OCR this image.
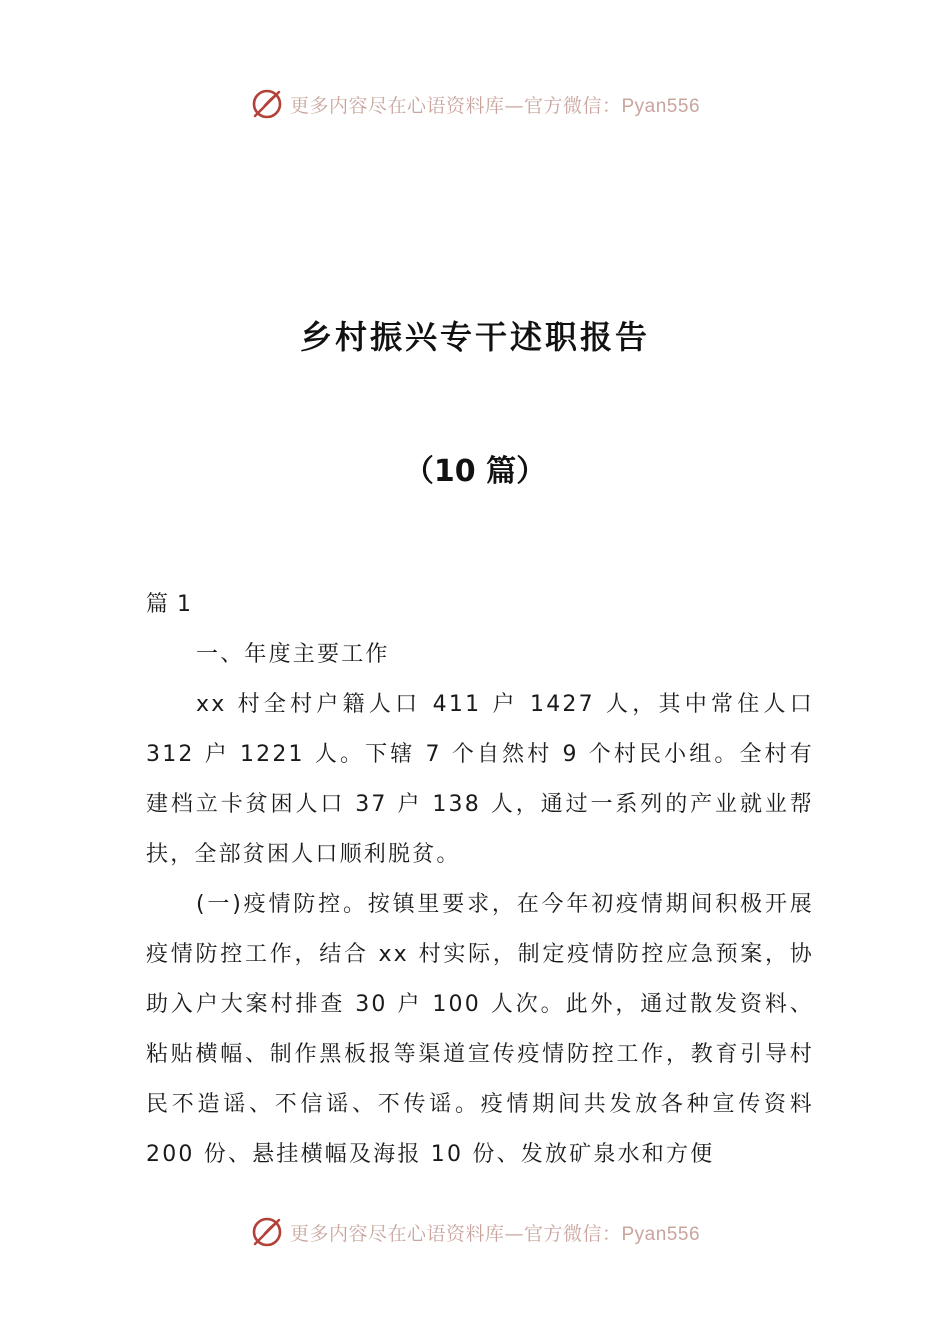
更多内容尽在心语资料库—官方微信：Pyan556
乡村振兴专干述职报告
（10 篇）

篇 1

一、年度主要工作

xx 村全村户籍人口 411 户 1427 人，其中常住人口 312 户 1221 人。下辖 7 个自然村 9 个村民小组。全村有建档立卡贫困人口 37 户 138 人，通过一系列的产业就业帮扶，全部贫困人口顺利脱贫。

(一)疫情防控。按镇里要求，在今年初疫情期间积极开展疫情防控工作，结合 xx 村实际，制定疫情防控应急预案，协助入户大案村排查 30 户 100 人次。此外，通过散发资料、粘贴横幅、制作黑板报等渠道宣传疫情防控工作，教育引导村民不造谣、不信谣、不传谣。疫情期间共发放各种宣传资料 200 份、悬挂横幅及海报 10 份、发放矿泉水和方便

更多内容尽在心语资料库—官方微信：Pyan556
